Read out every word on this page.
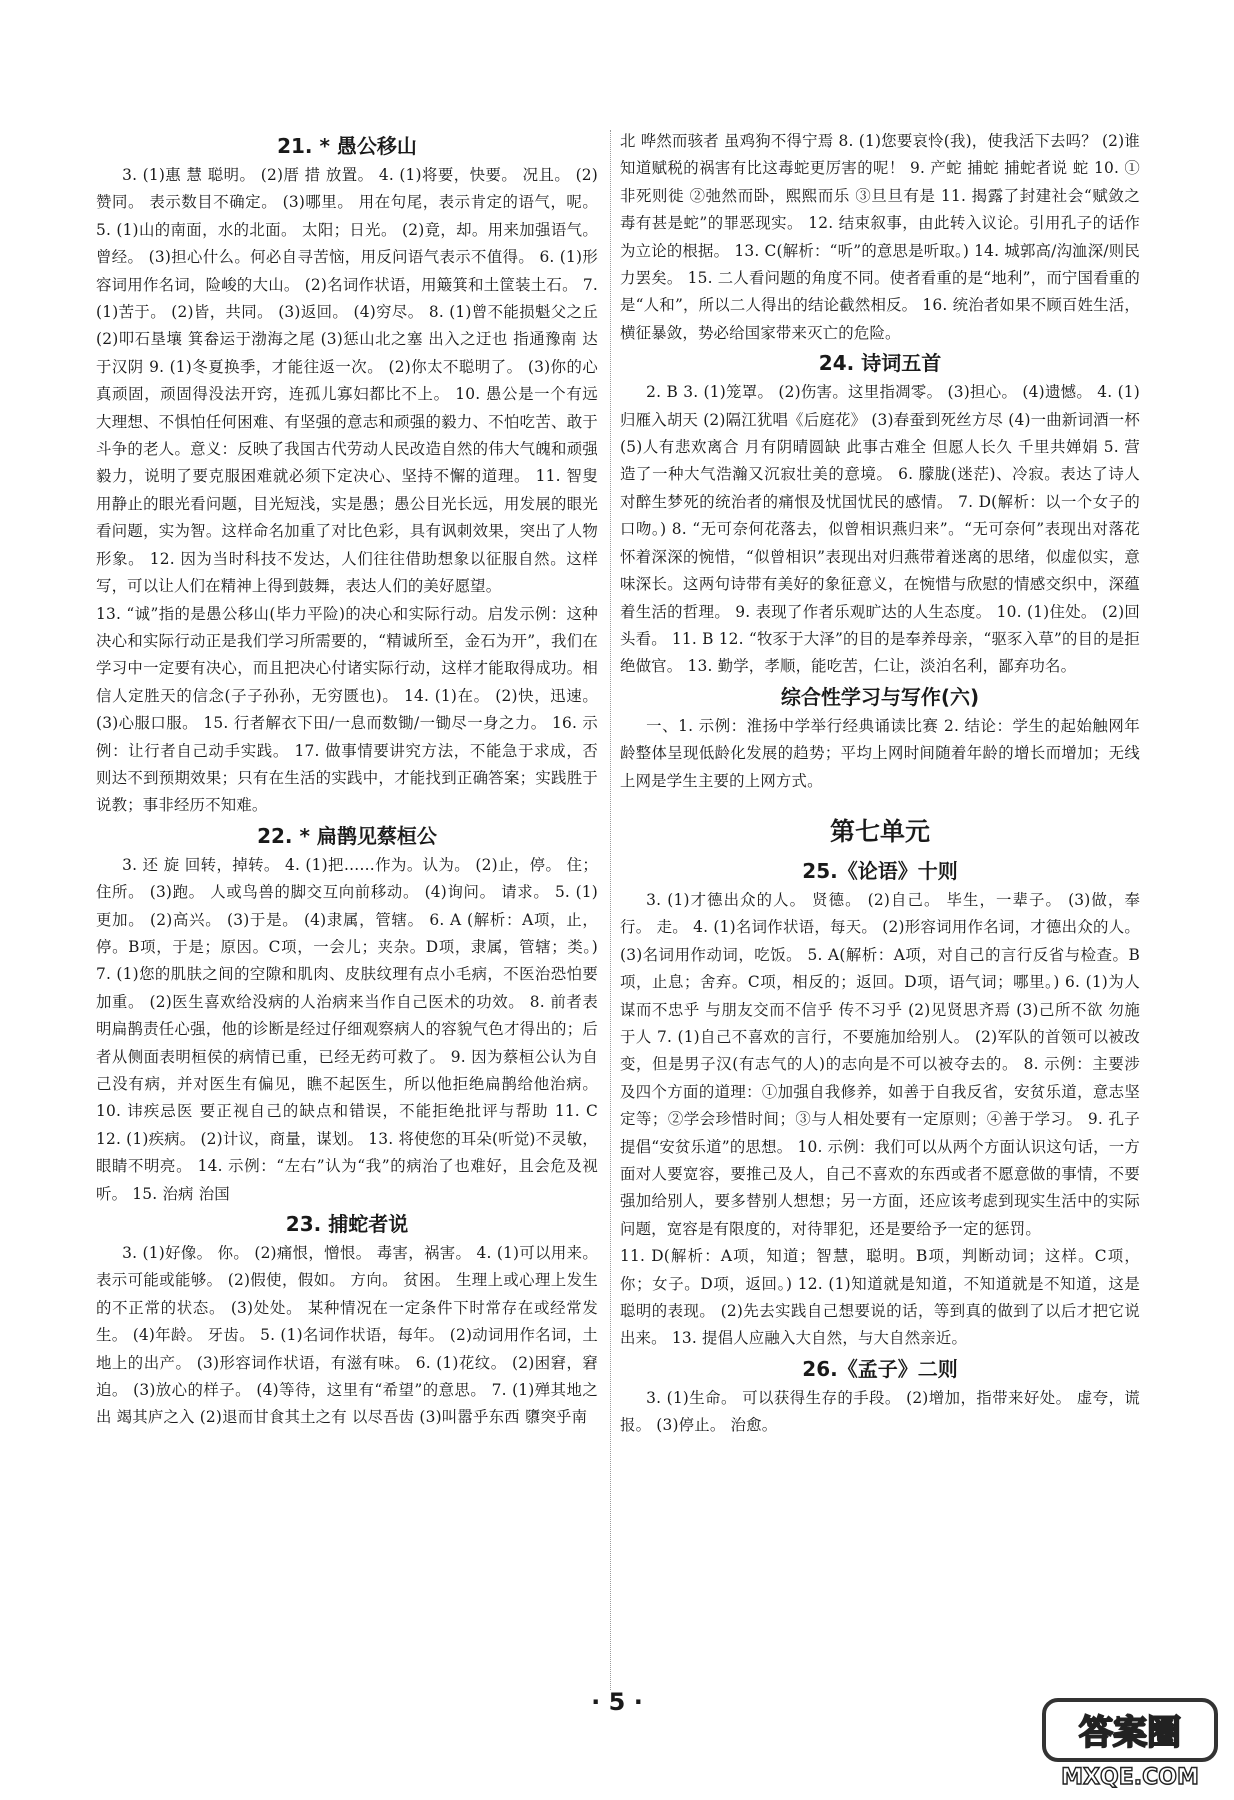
21. * 愚公移山

3. (1)惠 慧 聪明。 (2)厝 措 放置。 4. (1)将要，快要。 况且。 (2)赞同。 表示数目不确定。 (3)哪里。 用在句尾，表示肯定的语气，呢。 5. (1)山的南面，水的北面。 太阳；日光。 (2)竟，却。用来加强语气。 曾经。 (3)担心什么。何必自寻苦恼，用反问语气表示不值得。 6. (1)形容词用作名词，险峻的大山。 (2)名词作状语，用簸箕和土筐装土石。 7. (1)苦于。 (2)皆，共同。 (3)返回。 (4)穷尽。 8. (1)曾不能损魁父之丘 (2)叩石垦壤 箕畚运于渤海之尾 (3)惩山北之塞 出入之迂也 指通豫南 达于汉阴 9. (1)冬夏换季，才能往返一次。 (2)你太不聪明了。 (3)你的心真顽固，顽固得没法开窍，连孤儿寡妇都比不上。 10. 愚公是一个有远大理想、不惧怕任何困难、有坚强的意志和顽强的毅力、不怕吃苦、敢于斗争的老人。意义：反映了我国古代劳动人民改造自然的伟大气魄和顽强毅力，说明了要克服困难就必须下定决心、坚持不懈的道理。 11. 智叟用静止的眼光看问题，目光短浅，实是愚；愚公目光长远，用发展的眼光看问题，实为智。这样命名加重了对比色彩，具有讽刺效果，突出了人物形象。 12. 因为当时科技不发达，人们往往借助想象以征服自然。这样写，可以让人们在精神上得到鼓舞，表达人们的美好愿望。

13. “诚”指的是愚公移山(毕力平险)的决心和实际行动。启发示例：这种决心和实际行动正是我们学习所需要的，“精诚所至，金石为开”，我们在学习中一定要有决心，而且把决心付诸实际行动，这样才能取得成功。相信人定胜天的信念(子子孙孙，无穷匮也)。 14. (1)在。 (2)快，迅速。 (3)心服口服。 15. 行者解衣下田/一息而数锄/一锄尽一身之力。 16. 示例：让行者自己动手实践。 17. 做事情要讲究方法，不能急于求成，否则达不到预期效果；只有在生活的实践中，才能找到正确答案；实践胜于说教；事非经历不知难。

22. * 扁鹊见蔡桓公

3. 还 旋 回转，掉转。 4. (1)把……作为。认为。 (2)止，停。 住；住所。 (3)跑。 人或鸟兽的脚交互向前移动。 (4)询问。 请求。 5. (1)更加。 (2)高兴。 (3)于是。 (4)隶属，管辖。 6. A (解析：A项，止，停。B项，于是；原因。C项，一会儿；夹杂。D项，隶属，管辖；类。) 7. (1)您的肌肤之间的空隙和肌肉、皮肤纹理有点小毛病，不医治恐怕要加重。 (2)医生喜欢给没病的人治病来当作自己医术的功效。 8. 前者表明扁鹊责任心强，他的诊断是经过仔细观察病人的容貌气色才得出的；后者从侧面表明桓侯的病情已重，已经无药可救了。 9. 因为蔡桓公认为自己没有病，并对医生有偏见，瞧不起医生，所以他拒绝扁鹊给他治病。 10. 讳疾忌医 要正视自己的缺点和错误，不能拒绝批评与帮助 11. C 12. (1)疾病。 (2)计议，商量，谋划。 13. 将使您的耳朵(听觉)不灵敏，眼睛不明亮。 14. 示例：“左右”认为“我”的病治了也难好，且会危及视听。 15. 治病 治国

23. 捕蛇者说

3. (1)好像。 你。 (2)痛恨，憎恨。 毒害，祸害。 4. (1)可以用来。 表示可能或能够。 (2)假使，假如。 方向。 贫困。 生理上或心理上发生的不正常的状态。 (3)处处。 某种情况在一定条件下时常存在或经常发生。 (4)年龄。 牙齿。 5. (1)名词作状语，每年。 (2)动词用作名词，土地上的出产。 (3)形容词作状语，有滋有味。 6. (1)花纹。 (2)困窘，窘迫。 (3)放心的样子。 (4)等待，这里有“希望”的意思。 7. (1)殚其地之出 竭其庐之入 (2)退而甘食其土之有 以尽吾齿 (3)叫嚣乎东西 隳突乎南

北 哗然而骇者 虽鸡狗不得宁焉 8. (1)您要哀怜(我)，使我活下去吗？ (2)谁知道赋税的祸害有比这毒蛇更厉害的呢！ 9. 产蛇 捕蛇 捕蛇者说 蛇 10. ①非死则徙 ②弛然而卧，熙熙而乐 ③旦旦有是 11. 揭露了封建社会“赋敛之毒有甚是蛇”的罪恶现实。 12. 结束叙事，由此转入议论。引用孔子的话作为立论的根据。 13. C(解析：“听”的意思是听取。) 14. 城郭高/沟洫深/则民力罢矣。 15. 二人看问题的角度不同。使者看重的是“地利”，而宁国看重的是“人和”，所以二人得出的结论截然相反。 16. 统治者如果不顾百姓生活，横征暴敛，势必给国家带来灭亡的危险。

24. 诗词五首

2. B 3. (1)笼罩。 (2)伤害。这里指凋零。 (3)担心。 (4)遗憾。 4. (1)归雁入胡天 (2)隔江犹唱《后庭花》 (3)春蚕到死丝方尽 (4)一曲新词酒一杯 (5)人有悲欢离合 月有阴晴圆缺 此事古难全 但愿人长久 千里共婵娟 5. 营造了一种大气浩瀚又沉寂壮美的意境。 6. 朦胧(迷茫)、冷寂。表达了诗人对醉生梦死的统治者的痛恨及忧国忧民的感情。 7. D(解析：以一个女子的口吻。) 8. “无可奈何花落去，似曾相识燕归来”。“无可奈何”表现出对落花怀着深深的惋惜，“似曾相识”表现出对归燕带着迷离的思绪，似虚似实，意味深长。这两句诗带有美好的象征意义，在惋惜与欣慰的情感交织中，深蕴着生活的哲理。 9. 表现了作者乐观旷达的人生态度。 10. (1)住处。 (2)回头看。 11. B 12. “牧豕于大泽”的目的是奉养母亲，“驱豕入草”的目的是拒绝做官。 13. 勤学，孝顺，能吃苦，仁让，淡泊名利，鄙弃功名。

综合性学习与写作(六)

一、1. 示例：淮扬中学举行经典诵读比赛 2. 结论：学生的起始触网年龄整体呈现低龄化发展的趋势；平均上网时间随着年龄的增长而增加；无线上网是学生主要的上网方式。

第七单元
25.《论语》十则

3. (1)才德出众的人。 贤德。 (2)自己。 毕生，一辈子。 (3)做，奉行。 走。 4. (1)名词作状语，每天。 (2)形容词用作名词，才德出众的人。 (3)名词用作动词，吃饭。 5. A(解析：A项，对自己的言行反省与检查。B项，止息；舍弃。C项，相反的；返回。D项，语气词；哪里。) 6. (1)为人谋而不忠乎 与朋友交而不信乎 传不习乎 (2)见贤思齐焉 (3)己所不欲 勿施于人 7. (1)自己不喜欢的言行，不要施加给别人。 (2)军队的首领可以被改变，但是男子汉(有志气的人)的志向是不可以被夺去的。 8. 示例：主要涉及四个方面的道理：①加强自我修养，如善于自我反省，安贫乐道，意志坚定等；②学会珍惜时间；③与人相处要有一定原则；④善于学习。 9. 孔子提倡“安贫乐道”的思想。 10. 示例：我们可以从两个方面认识这句话，一方面对人要宽容，要推己及人，自己不喜欢的东西或者不愿意做的事情，不要强加给别人，要多替别人想想；另一方面，还应该考虑到现实生活中的实际问题，宽容是有限度的，对待罪犯，还是要给予一定的惩罚。

11. D(解析：A项，知道；智慧，聪明。B项，判断动词；这样。C项，你；女子。D项，返回。) 12. (1)知道就是知道，不知道就是不知道，这是聪明的表现。 (2)先去实践自己想要说的话，等到真的做到了以后才把它说出来。 13. 提倡人应融入大自然，与大自然亲近。

26.《孟子》二则

3. (1)生命。 可以获得生存的手段。 (2)增加，指带来好处。 虚夸，谎报。 (3)停止。 治愈。

· 5 ·
答案圈
MXQE.COM
